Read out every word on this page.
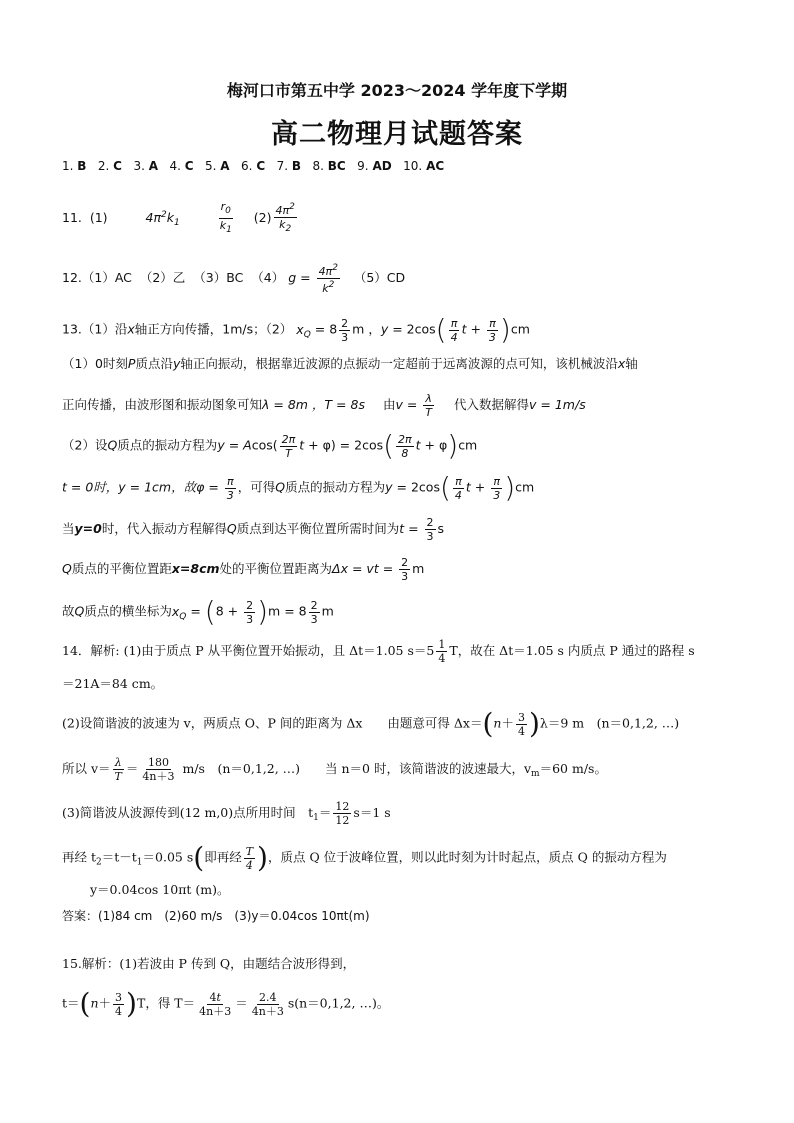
梅河口市第五中学 2023～2024 学年度下学期
高二物理月试题答案
1. B 2. C 3. A 4. C 5. A 6. C 7. B 8. BC 9. AD 10. AC
11. (1)	$4\pi^2k_1$	$\frac{r_0}{k_1} (2) \frac{4\pi^2}{k_2}$
12.（1）AC （2）乙 （3）BC （4） $g = \frac{4\pi^2}{k^2} (5)CD$
13.（1）沿x轴正方向传播，1m/s；（2） $x_Q = 8 \frac{2}{3}$ m ，$y = 2\cos( \frac{\pi}{4}$ $t + \frac{\pi}{3} )cm$
（1）0时刻P质点沿y轴正向振动，根据靠近波源的点振动一定超前于远离波源的点可知，该机械波沿x轴
正向传播，由波形图和振动图象可知λ = 8m ，T = 8s 由$v = \frac{\lambda}{T}$ 代入数据解得v = 1m/s
（2）设Q质点的振动方程为$y = Acos( \frac{2\pi}{T}$ $t + \varphi) = 2\cos( \frac{2\pi}{8}$ t + φ)cm
t = 0时，y = 1cm，故$\varphi = \frac{\pi}{3}$ ，可得Q质点的振动方程为$y = 2\cos( \frac{\pi}{4}$ $t + \frac{\pi}{3} )cm$
当y=0时，代入振动方程解得Q质点到达平衡位置所需时间为$t = \frac{2}{3}$ s
Q质点的平衡位置距x=8cm处的平衡位置距离为Δx = vt = $\frac{2}{3}$ m
故Q质点的横坐标为$x_Q = (8 + \frac{2}{3} )m = 8 \frac{2}{3}$ m
14．解析: (1)由于质点 P 从平衡位置开始振动，且 Δt＝1.05 $s=5 \frac{1}{4}$ T，故在 Δt＝1.05 s 内质点 P 通过的路程 s
＝21A＝84 cm。
(2)设简谐波的波速为 v，两质点 O、P 间的距离为 Δx　　由题意可得 $\Delta x=(n+ \frac{3}{4} )\lambda=9$ m　(n＝0,1,2, …)
所以 $v= \frac{\lambda}{T} = \frac{180}{4n+3} m/s$　(n＝0,1,2, …)　　当 n＝0 时，该简谐波的波速最大，$v_m=60$ m/s。
(3)简谐波从波源传到(12 m,0)点所用时间　$t_1= \frac{12}{12} s=1$ s
再经 $t_2=t-t_1=0.05$ s(即再经 $\frac{T}{4}$ )，质点 Q 位于波峰位置，则以此时刻为计时起点，质点 Q 的振动方程为
y＝0.04cos 10πt (m)。
答案：(1)84 cm　(2)60 m/s　(3)y＝0.04cos 10πt(m)
15.解析：(1)若波由 P 传到 Q，由题结合波形得到，
$t=(n+ \frac{3}{4} )T$，得 $T= \frac{4t}{4n+3} = \frac{2.4}{4n+3} s(n=0,1,2$, …)。
